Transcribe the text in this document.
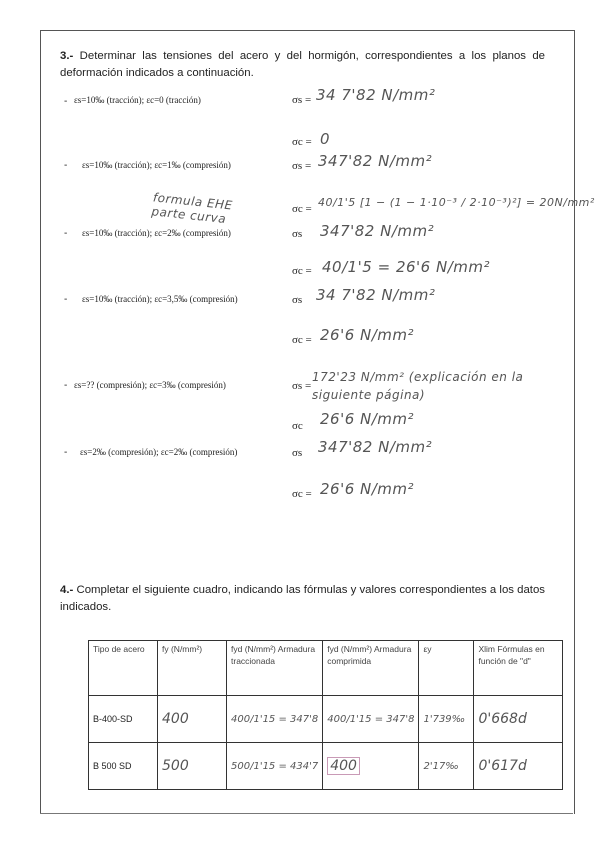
3.- Determinar las tensiones del acero y del hormigón, correspondientes a los planos de deformación indicados a continuación.
- εs=10‰ (tracción); εc=0 (tracción)	σs = 34 7'82 N/mm²
σc = 0
- εs=10‰ (tracción); εc=1‰ (compresión)	σs = 347'82 N/mm²
formula EHE parte curva	σc = 40/1'5 [1 − (1 − 1·10⁻³ / 2·10⁻³)²] = 20N/mm²
- εs=10‰ (tracción); εc=2‰ (compresión)	σs 347'82 N/mm²
σc = 40/1'5 = 26'6 N/mm²
- εs=10‰ (tracción); εc=3,5‰ (compresión)	σs 34 7'82 N/mm²
σc = 26'6 N/mm²
- εs=?? (compresión); εc=3‰ (compresión)	σs =
172'23 N/mm² (explicación en la siguiente página)
σc 26'6 N/mm²
- εs=2‰ (compresión); εc=2‰ (compresión)	σs 347'82 N/mm²
σc = 26'6 N/mm²
4.- Completar el siguiente cuadro, indicando las fórmulas y valores correspondientes a los datos indicados.
Tipo de acero	fy (N/mm²)	fyd (N/mm²) Armadura traccionada	fyd (N/mm²) Armadura comprimida	εy	Xlim Fórmulas en función de "d"
B-400-SD	400	400/1'15 = 347'8	400/1'15 = 347'8	1'739‰	0'668d
B 500 SD	500	500/1'15 = 434'7	400	2'17‰	0'617d
